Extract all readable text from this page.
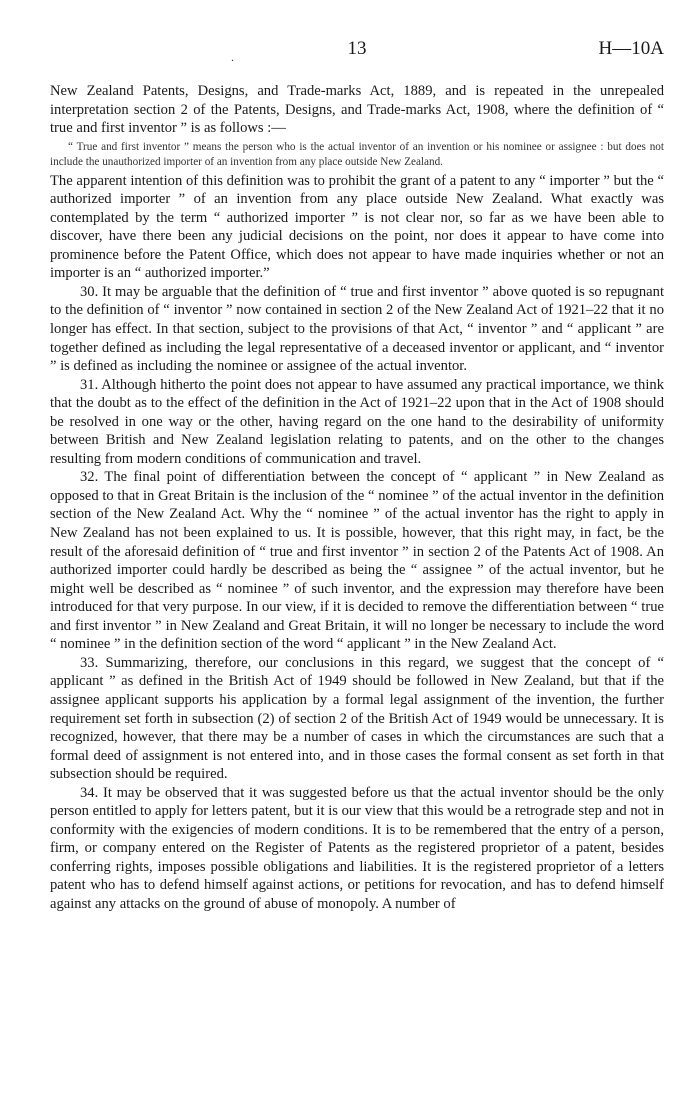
.	13	H—10A

New Zealand Patents, Designs, and Trade-marks Act, 1889, and is repeated in the unrepealed interpretation section 2 of the Patents, Designs, and Trade-marks Act, 1908, where the definition of “ true and first inventor ” is as follows :—

“ True and first inventor ” means the person who is the actual inventor of an invention or his nominee or assignee : but does not include the unauthorized importer of an invention from any place outside New Zealand.

The apparent intention of this definition was to prohibit the grant of a patent to any “ importer ” but the “ authorized importer ” of an invention from any place outside New Zealand. What exactly was contemplated by the term “ authorized importer ” is not clear nor, so far as we have been able to discover, have there been any judicial decisions on the point, nor does it appear to have come into prominence before the Patent Office, which does not appear to have made inquiries whether or not an importer is an “ authorized importer.”

30. It may be arguable that the definition of “ true and first inventor ” above quoted is so repugnant to the definition of “ inventor ” now contained in section 2 of the New Zealand Act of 1921–22 that it no longer has effect. In that section, subject to the provisions of that Act, “ inventor ” and “ applicant ” are together defined as including the legal representative of a deceased inventor or applicant, and “ inventor ” is defined as including the nominee or assignee of the actual inventor.

31. Although hitherto the point does not appear to have assumed any practical importance, we think that the doubt as to the effect of the definition in the Act of 1921–22 upon that in the Act of 1908 should be resolved in one way or the other, having regard on the one hand to the desirability of uniformity between British and New Zealand legislation relating to patents, and on the other to the changes resulting from modern conditions of communication and travel.

32. The final point of differentiation between the concept of “ applicant ” in New Zealand as opposed to that in Great Britain is the inclusion of the “ nominee ” of the actual inventor in the definition section of the New Zealand Act. Why the “ nominee ” of the actual inventor has the right to apply in New Zealand has not been explained to us. It is possible, however, that this right may, in fact, be the result of the aforesaid definition of “ true and first inventor ” in section 2 of the Patents Act of 1908. An authorized importer could hardly be described as being the “ assignee ” of the actual inventor, but he might well be described as “ nominee ” of such inventor, and the expression may therefore have been introduced for that very purpose. In our view, if it is decided to remove the differentiation between “ true and first inventor ” in New Zealand and Great Britain, it will no longer be necessary to include the word “ nominee ” in the definition section of the word “ applicant ” in the New Zealand Act.

33. Summarizing, therefore, our conclusions in this regard, we suggest that the concept of “ applicant ” as defined in the British Act of 1949 should be followed in New Zealand, but that if the assignee applicant supports his application by a formal legal assignment of the invention, the further requirement set forth in subsection (2) of section 2 of the British Act of 1949 would be unnecessary. It is recognized, however, that there may be a number of cases in which the circumstances are such that a formal deed of assignment is not entered into, and in those cases the formal consent as set forth in that subsection should be required.

34. It may be observed that it was suggested before us that the actual inventor should be the only person entitled to apply for letters patent, but it is our view that this would be a retrograde step and not in conformity with the exigencies of modern conditions. It is to be remembered that the entry of a person, firm, or company entered on the Register of Patents as the registered proprietor of a patent, besides conferring rights, imposes possible obligations and liabilities. It is the registered proprietor of a letters patent who has to defend himself against actions, or petitions for revocation, and has to defend himself against any attacks on the ground of abuse of monopoly. A number of
